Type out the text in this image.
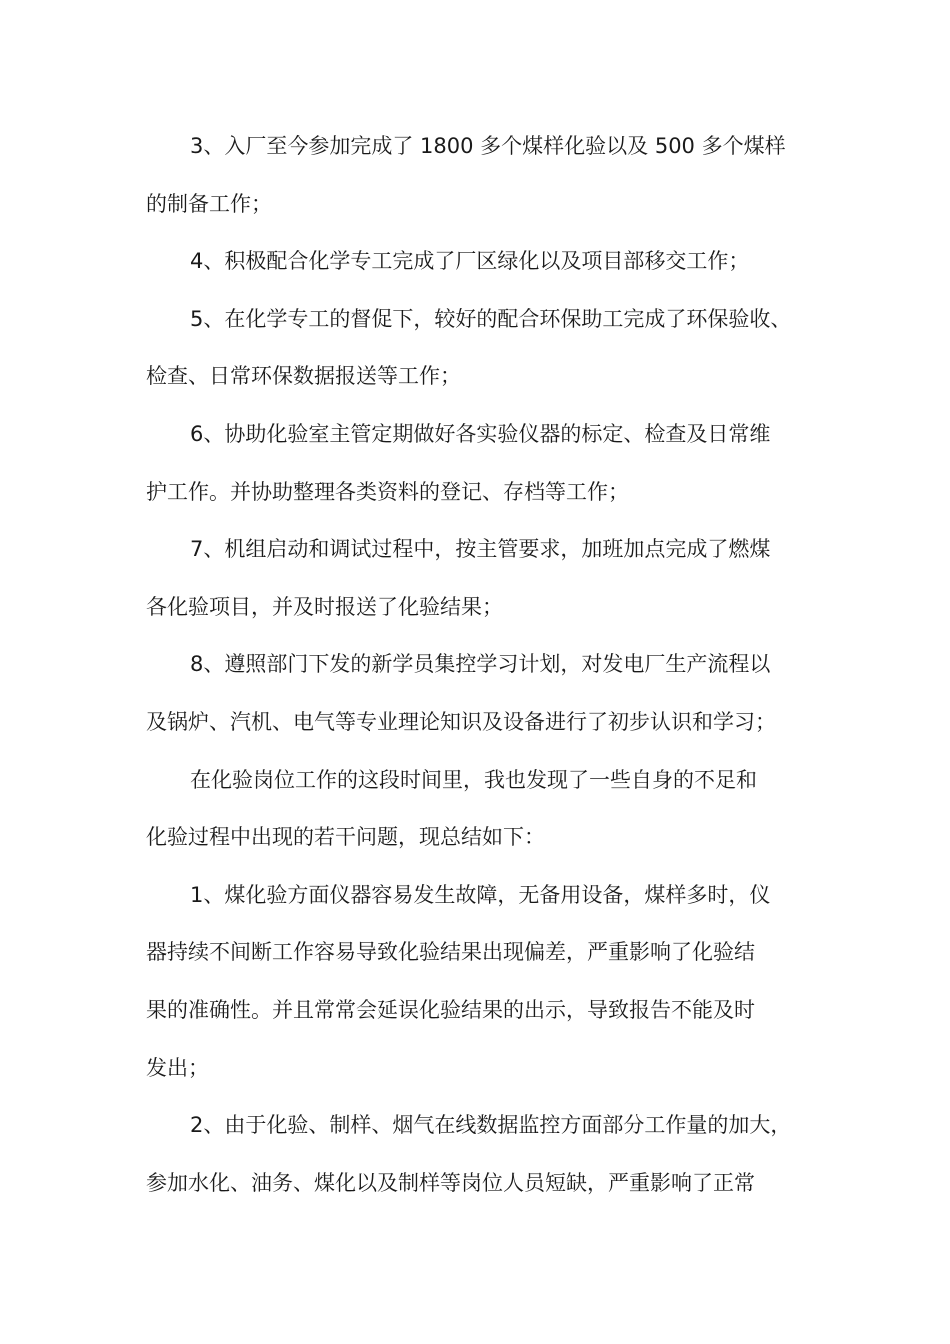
3、入厂至今参加完成了 1800 多个煤样化验以及 500 多个煤样
的制备工作；
4、积极配合化学专工完成了厂区绿化以及项目部移交工作；
5、在化学专工的督促下，较好的配合环保助工完成了环保验收、
检查、日常环保数据报送等工作；
6、协助化验室主管定期做好各实验仪器的标定、检查及日常维
护工作。并协助整理各类资料的登记、存档等工作；
7、机组启动和调试过程中，按主管要求，加班加点完成了燃煤
各化验项目，并及时报送了化验结果；
8、遵照部门下发的新学员集控学习计划，对发电厂生产流程以
及锅炉、汽机、电气等专业理论知识及设备进行了初步认识和学习；
在化验岗位工作的这段时间里，我也发现了一些自身的不足和
化验过程中出现的若干问题，现总结如下：
1、煤化验方面仪器容易发生故障，无备用设备，煤样多时，仪
器持续不间断工作容易导致化验结果出现偏差，严重影响了化验结
果的准确性。并且常常会延误化验结果的出示，导致报告不能及时
发出；
2、由于化验、制样、烟气在线数据监控方面部分工作量的加大，
参加水化、油务、煤化以及制样等岗位人员短缺，严重影响了正常
